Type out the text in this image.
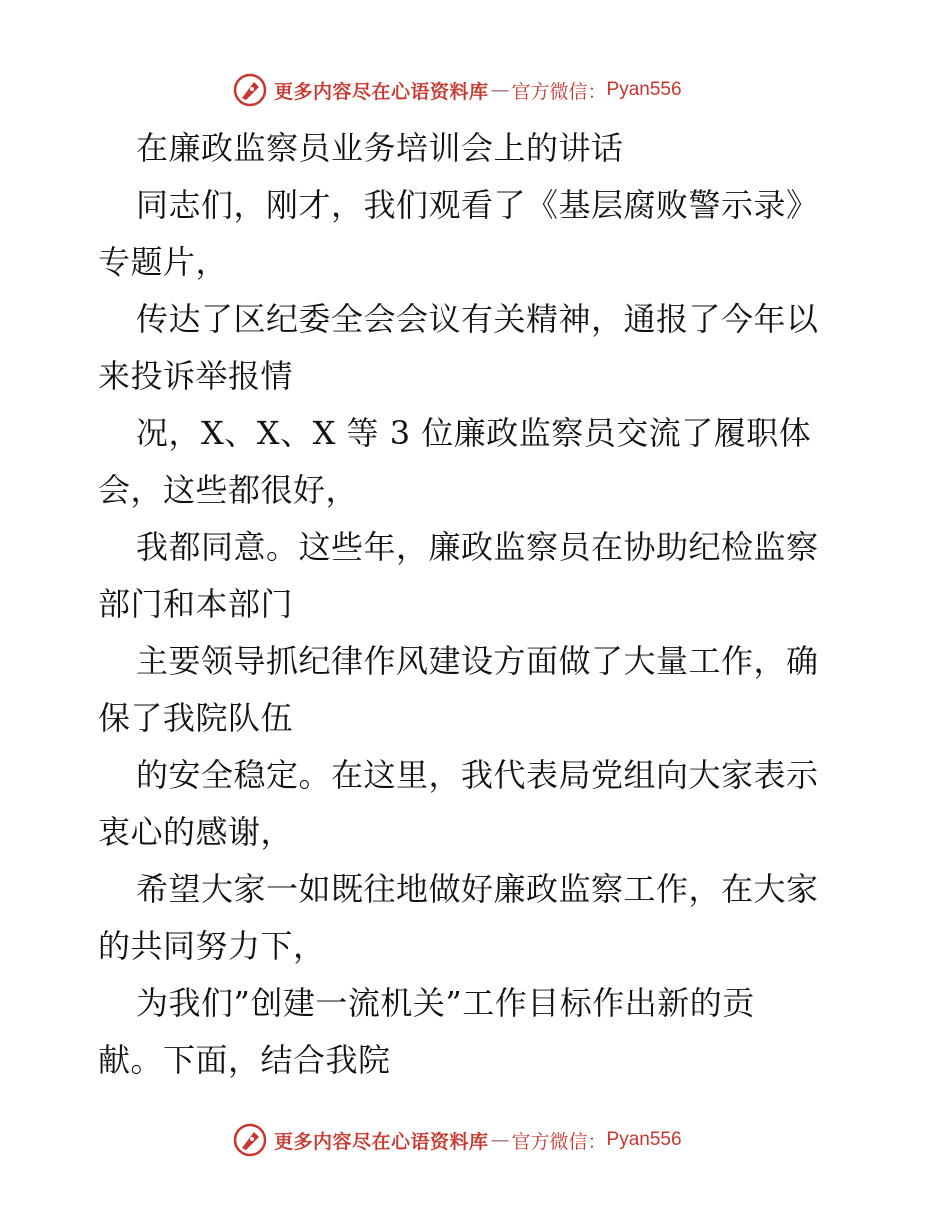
更多内容尽在心语资料库 — 官方微信： Pyan556
在廉政监察员业务培训会上的讲话
同志们，刚才，我们观看了《基层腐败警示录》
专题片，
传达了区纪委全会会议有关精神，通报了今年以
来投诉举报情
况，X、X、X 等 3 位廉政监察员交流了履职体
会，这些都很好，
我都同意。这些年，廉政监察员在协助纪检监察
部门和本部门
主要领导抓纪律作风建设方面做了大量工作，确
保了我院队伍
的安全稳定。在这里，我代表局党组向大家表示
衷心的感谢，
希望大家一如既往地做好廉政监察工作，在大家
的共同努力下，
为我们”创建一流机关”工作目标作出新的贡
献。下面，结合我院
更多内容尽在心语资料库 — 官方微信： Pyan556
